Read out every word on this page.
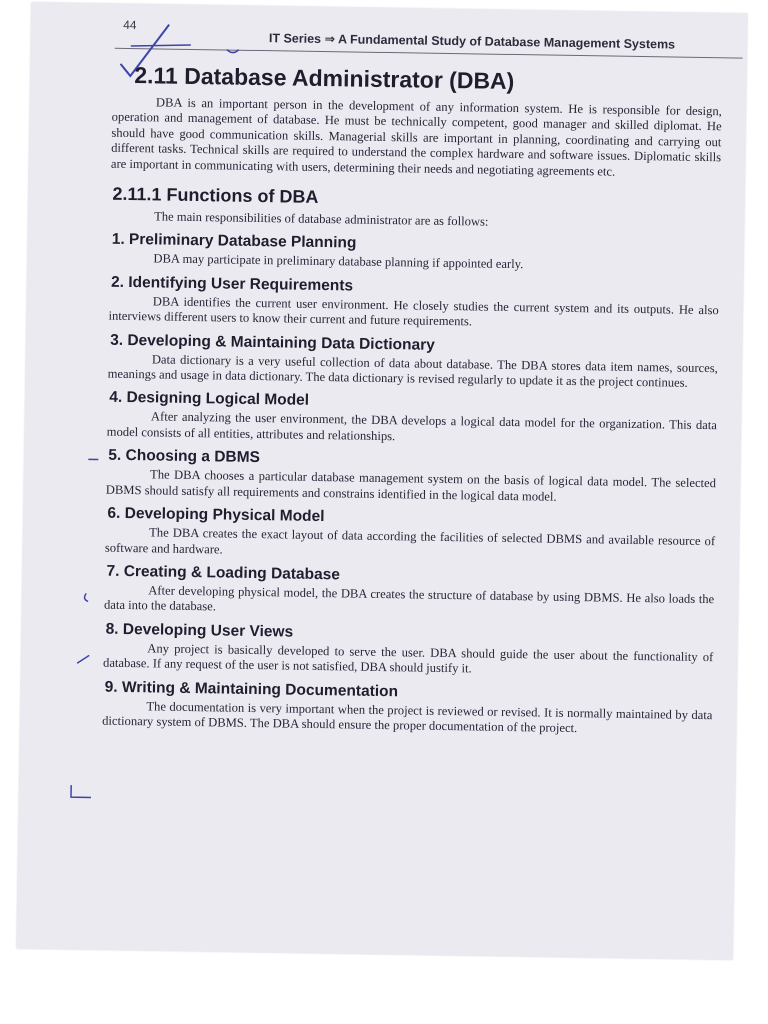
44
IT Series ⇒ A Fundamental Study of Database Management Systems
2.11 Database Administrator (DBA)

DBA is an important person in the development of any information system. He is responsible for design, operation and management of database. He must be technically competent, good manager and skilled diplomat. He should have good communication skills. Managerial skills are important in planning, coordinating and carrying out different tasks. Technical skills are required to understand the complex hardware and software issues. Diplomatic skills are important in communicating with users, determining their needs and negotiating agreements etc.

2.11.1 Functions of DBA

The main responsibilities of database administrator are as follows:

1. Preliminary Database Planning

DBA may participate in preliminary database planning if appointed early.

2. Identifying User Requirements

DBA identifies the current user environment. He closely studies the current system and its outputs. He also interviews different users to know their current and future requirements.

3. Developing & Maintaining Data Dictionary

Data dictionary is a very useful collection of data about database. The DBA stores data item names, sources, meanings and usage in data dictionary. The data dictionary is revised regularly to update it as the project continues.

4. Designing Logical Model

After analyzing the user environment, the DBA develops a logical data model for the organization. This data model consists of all entities, attributes and relationships.

5. Choosing a DBMS

The DBA chooses a particular database management system on the basis of logical data model. The selected DBMS should satisfy all requirements and constrains identified in the logical data model.

6. Developing Physical Model

The DBA creates the exact layout of data according the facilities of selected DBMS and available resource of software and hardware.

7. Creating & Loading Database

After developing physical model, the DBA creates the structure of database by using DBMS. He also loads the data into the database.

8. Developing User Views

Any project is basically developed to serve the user. DBA should guide the user about the functionality of database. If any request of the user is not satisfied, DBA should justify it.

9. Writing & Maintaining Documentation

The documentation is very important when the project is reviewed or revised. It is normally maintained by data dictionary system of DBMS. The DBA should ensure the proper documentation of the project.
